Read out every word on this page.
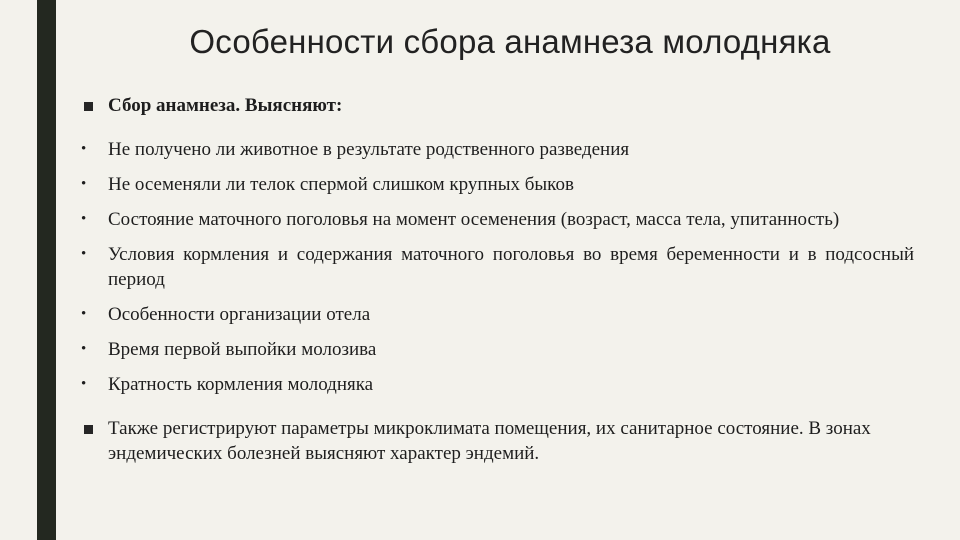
Особенности сбора анамнеза молодняка
Сбор анамнеза. Выясняют:
• Не получено ли животное в результате родственного разведения
• Не осеменяли ли телок спермой слишком крупных быков
• Состояние маточного поголовья на момент осеменения (возраст, масса тела, упитанность)
• Условия кормления и содержания маточного поголовья во время беременности и в подсосный период
• Особенности организации отела
• Время первой выпойки молозива
• Кратность кормления молодняка
Также регистрируют параметры микроклимата помещения, их санитарное состояние. В зонах эндемических болезней выясняют характер эндемий.
